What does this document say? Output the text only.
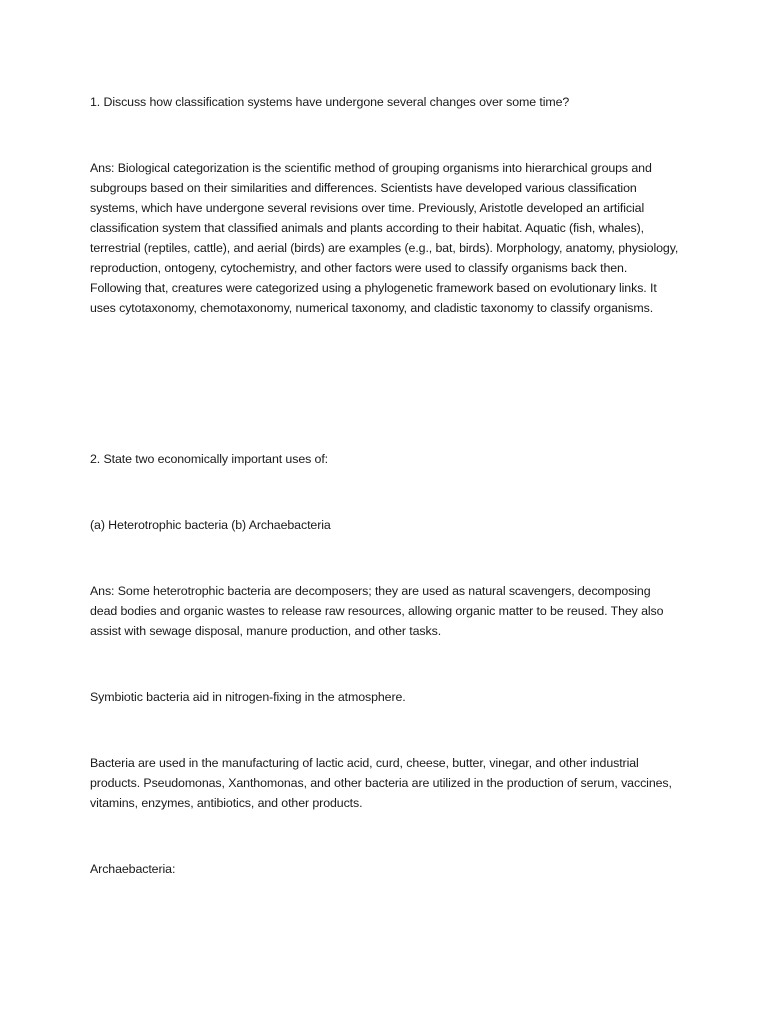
1. Discuss how classification systems have undergone several changes over some time?

Ans: Biological categorization is the scientific method of grouping organisms into hierarchical groups and subgroups based on their similarities and differences. Scientists have developed various classification systems, which have undergone several revisions over time. Previously, Aristotle developed an artificial classification system that classified animals and plants according to their habitat. Aquatic (fish, whales), terrestrial (reptiles, cattle), and aerial (birds) are examples (e.g., bat, birds). Morphology, anatomy, physiology, reproduction, ontogeny, cytochemistry, and other factors were used to classify organisms back then. Following that, creatures were categorized using a phylogenetic framework based on evolutionary links. It uses cytotaxonomy, chemotaxonomy, numerical taxonomy, and cladistic taxonomy to classify organisms.

2. State two economically important uses of:

(a) Heterotrophic bacteria (b) Archaebacteria

Ans: Some heterotrophic bacteria are decomposers; they are used as natural scavengers, decomposing dead bodies and organic wastes to release raw resources, allowing organic matter to be reused. They also assist with sewage disposal, manure production, and other tasks.

Symbiotic bacteria aid in nitrogen-fixing in the atmosphere.

Bacteria are used in the manufacturing of lactic acid, curd, cheese, butter, vinegar, and other industrial products. Pseudomonas, Xanthomonas, and other bacteria are utilized in the production of serum, vaccines, vitamins, enzymes, antibiotics, and other products.

Archaebacteria:
